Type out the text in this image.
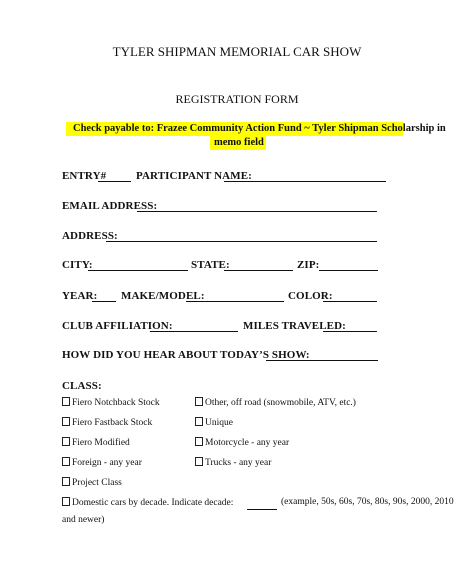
TYLER SHIPMAN MEMORIAL CAR SHOW
REGISTRATION FORM
Check payable to: Frazee Community Action Fund ~ Tyler Shipman Scholarship in
memo field
ENTRY#	PARTICIPANT NAME:
EMAIL ADDRESS:
ADDRESS:
CITY:	STATE:	ZIP:
YEAR: MAKE/MODEL:	COLOR:
CLUB AFFILIATION:	MILES TRAVELED:
HOW DID YOU HEAR ABOUT TODAY’S SHOW:
CLASS:
Fiero Notchback Stock
Fiero Fastback Stock
Fiero Modified
Foreign - any year
Project Class
Domestic cars by decade. Indicate decade:	(example, 50s, 60s, 70s, 80s, 90s, 2000, 2010
and newer)
Other, off road (snowmobile, ATV, etc.)
Unique
Motorcycle - any year
Trucks - any year
